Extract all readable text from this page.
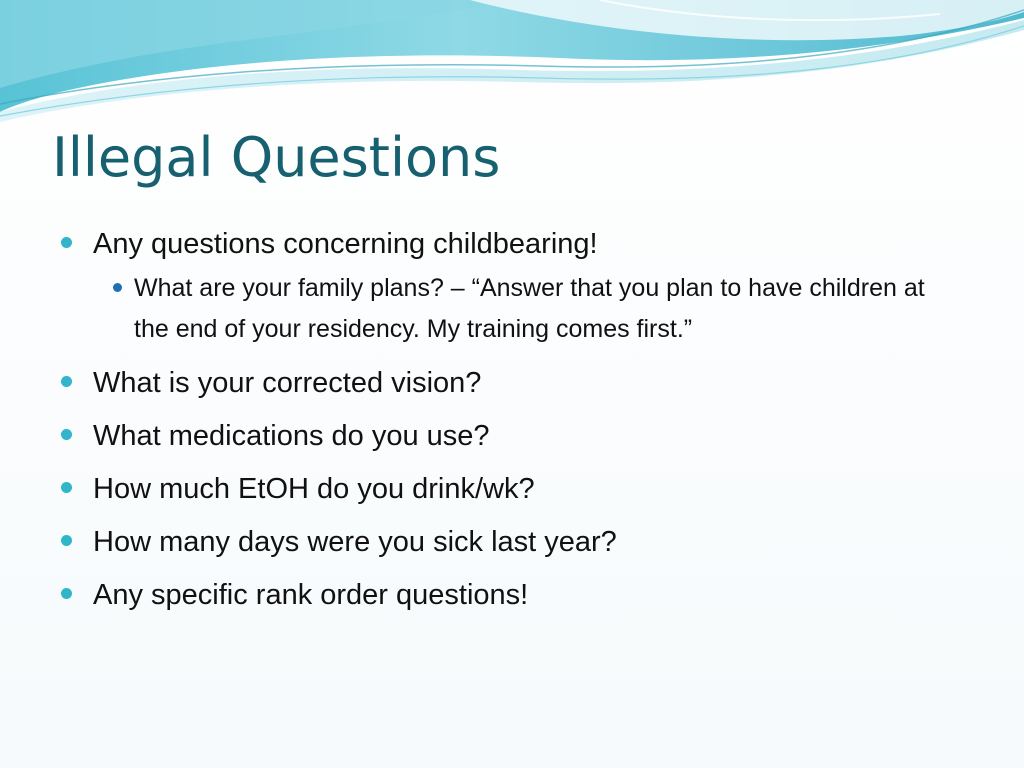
Illegal Questions
Any questions concerning childbearing!
What are your family plans? – “Answer that you plan to have children at the end of your residency. My training comes first.”
What is your corrected vision?
What medications do you use?
How much EtOH do you drink/wk?
How many days were you sick last year?
Any specific rank order questions!
